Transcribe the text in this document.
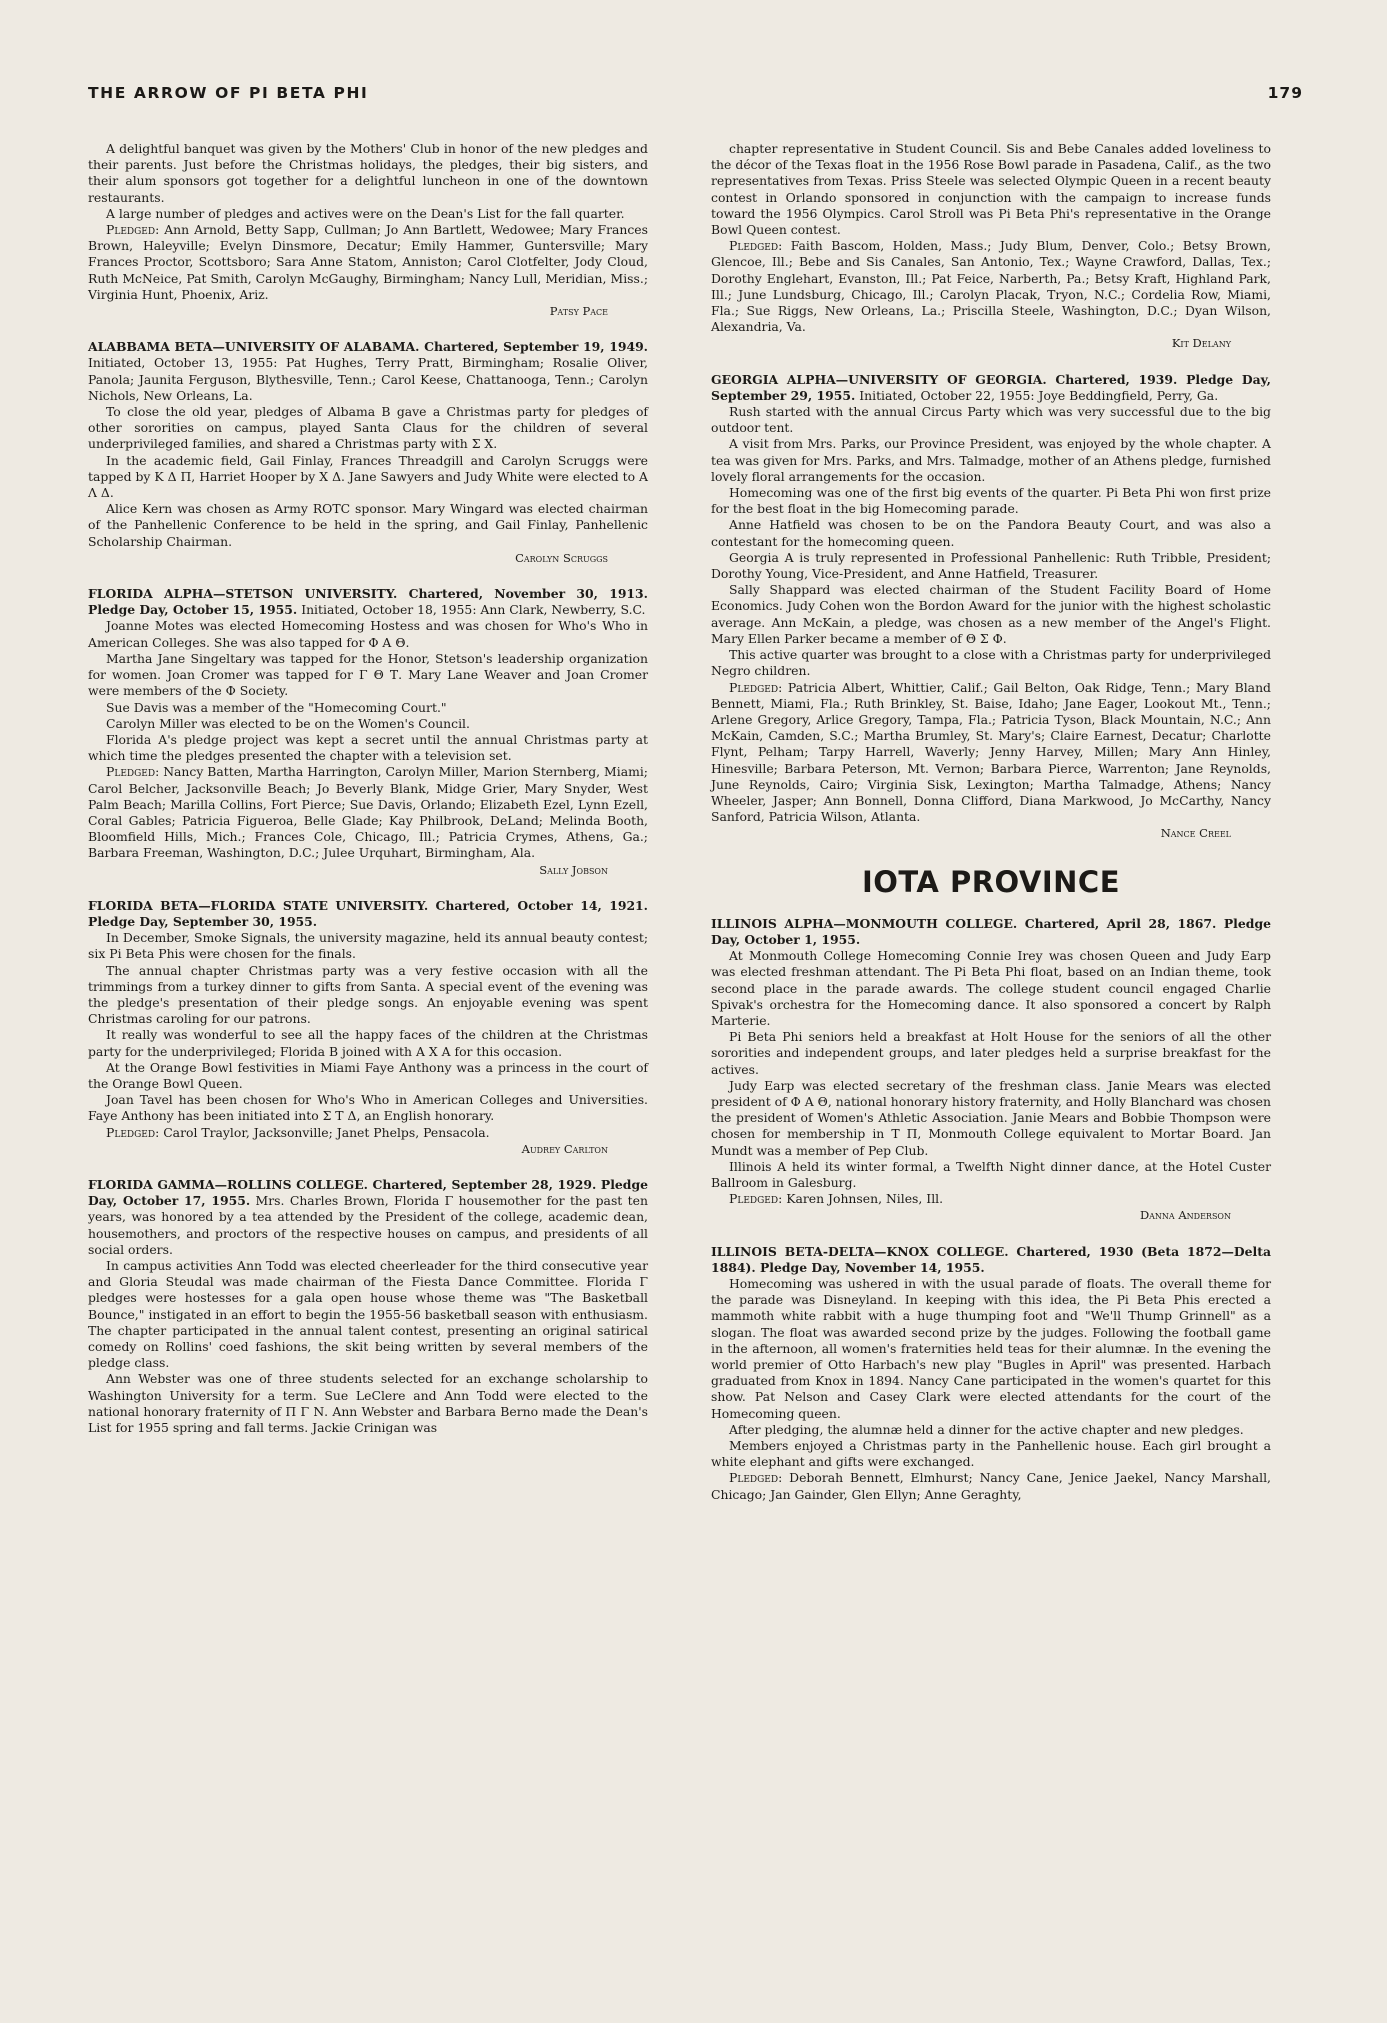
THE ARROW OF PI BETA PHI	179

A delightful banquet was given by the Mothers' Club in honor of the new pledges and their parents. Just before the Christmas holidays, the pledges, their big sisters, and their alum sponsors got together for a delightful luncheon in one of the downtown restaurants.

A large number of pledges and actives were on the Dean's List for the fall quarter.

Pledged: Ann Arnold, Betty Sapp, Cullman; Jo Ann Bartlett, Wedowee; Mary Frances Brown, Haleyville; Evelyn Dinsmore, Decatur; Emily Hammer, Guntersville; Mary Frances Proctor, Scottsboro; Sara Anne Statom, Anniston; Carol Clotfelter, Jody Cloud, Ruth McNeice, Pat Smith, Carolyn McGaughy, Birmingham; Nancy Lull, Meridian, Miss.; Virginia Hunt, Phoenix, Ariz.

Patsy Pace

ALABBAMA BETA—UNIVERSITY OF ALABAMA. Chartered, September 19, 1949. Initiated, October 13, 1955: Pat Hughes, Terry Pratt, Birmingham; Rosalie Oliver, Panola; Jaunita Ferguson, Blythesville, Tenn.; Carol Keese, Chattanooga, Tenn.; Carolyn Nichols, New Orleans, La.

To close the old year, pledges of Albama B gave a Christmas party for pledges of other sororities on campus, played Santa Claus for the children of several underprivileged families, and shared a Christmas party with Σ X.

In the academic field, Gail Finlay, Frances Threadgill and Carolyn Scruggs were tapped by K Δ Π, Harriet Hooper by X Δ. Jane Sawyers and Judy White were elected to A Λ Δ.

Alice Kern was chosen as Army ROTC sponsor. Mary Wingard was elected chairman of the Panhellenic Conference to be held in the spring, and Gail Finlay, Panhellenic Scholarship Chairman.

Carolyn Scruggs

FLORIDA ALPHA—STETSON UNIVERSITY. Chartered, November 30, 1913. Pledge Day, October 15, 1955. Initiated, October 18, 1955: Ann Clark, Newberry, S.C.

Joanne Motes was elected Homecoming Hostess and was chosen for Who's Who in American Colleges. She was also tapped for Φ Α Θ.

Martha Jane Singeltary was tapped for the Honor, Stetson's leadership organization for women. Joan Cromer was tapped for Γ Θ Τ. Mary Lane Weaver and Joan Cromer were members of the Φ Society.

Sue Davis was a member of the "Homecoming Court."

Carolyn Miller was elected to be on the Women's Council.

Florida A's pledge project was kept a secret until the annual Christmas party at which time the pledges presented the chapter with a television set.

Pledged: Nancy Batten, Martha Harrington, Carolyn Miller, Marion Sternberg, Miami; Carol Belcher, Jacksonville Beach; Jo Beverly Blank, Midge Grier, Mary Snyder, West Palm Beach; Marilla Collins, Fort Pierce; Sue Davis, Orlando; Elizabeth Ezel, Lynn Ezell, Coral Gables; Patricia Figueroa, Belle Glade; Kay Philbrook, DeLand; Melinda Booth, Bloomfield Hills, Mich.; Frances Cole, Chicago, Ill.; Patricia Crymes, Athens, Ga.; Barbara Freeman, Washington, D.C.; Julee Urquhart, Birmingham, Ala.

Sally Jobson

FLORIDA BETA—FLORIDA STATE UNIVERSITY. Chartered, October 14, 1921. Pledge Day, September 30, 1955.

In December, Smoke Signals, the university magazine, held its annual beauty contest; six Pi Beta Phis were chosen for the finals.

The annual chapter Christmas party was a very festive occasion with all the trimmings from a turkey dinner to gifts from Santa. A special event of the evening was the pledge's presentation of their pledge songs. An enjoyable evening was spent Christmas caroling for our patrons.

It really was wonderful to see all the happy faces of the children at the Christmas party for the underprivileged; Florida B joined with A X A for this occasion.

At the Orange Bowl festivities in Miami Faye Anthony was a princess in the court of the Orange Bowl Queen.

Joan Tavel has been chosen for Who's Who in American Colleges and Universities. Faye Anthony has been initiated into Σ Τ Δ, an English honorary.

Pledged: Carol Traylor, Jacksonville; Janet Phelps, Pensacola.

Audrey Carlton

FLORIDA GAMMA—ROLLINS COLLEGE. Chartered, September 28, 1929. Pledge Day, October 17, 1955. Mrs. Charles Brown, Florida Γ housemother for the past ten years, was honored by a tea attended by the President of the college, academic dean, housemothers, and proctors of the respective houses on campus, and presidents of all social orders.

In campus activities Ann Todd was elected cheerleader for the third consecutive year and Gloria Steudal was made chairman of the Fiesta Dance Committee. Florida Γ pledges were hostesses for a gala open house whose theme was "The Basketball Bounce," instigated in an effort to begin the 1955-56 basketball season with enthusiasm. The chapter participated in the annual talent contest, presenting an original satirical comedy on Rollins' coed fashions, the skit being written by several members of the pledge class.

Ann Webster was one of three students selected for an exchange scholarship to Washington University for a term. Sue LeClere and Ann Todd were elected to the national honorary fraternity of Π Γ Ν. Ann Webster and Barbara Berno made the Dean's List for 1955 spring and fall terms. Jackie Crinigan was

chapter representative in Student Council. Sis and Bebe Canales added loveliness to the décor of the Texas float in the 1956 Rose Bowl parade in Pasadena, Calif., as the two representatives from Texas. Priss Steele was selected Olympic Queen in a recent beauty contest in Orlando sponsored in conjunction with the campaign to increase funds toward the 1956 Olympics. Carol Stroll was Pi Beta Phi's representative in the Orange Bowl Queen contest.

Pledged: Faith Bascom, Holden, Mass.; Judy Blum, Denver, Colo.; Betsy Brown, Glencoe, Ill.; Bebe and Sis Canales, San Antonio, Tex.; Wayne Crawford, Dallas, Tex.; Dorothy Englehart, Evanston, Ill.; Pat Feice, Narberth, Pa.; Betsy Kraft, Highland Park, Ill.; June Lundsburg, Chicago, Ill.; Carolyn Placak, Tryon, N.C.; Cordelia Row, Miami, Fla.; Sue Riggs, New Orleans, La.; Priscilla Steele, Washington, D.C.; Dyan Wilson, Alexandria, Va.

Kit Delany

GEORGIA ALPHA—UNIVERSITY OF GEORGIA. Chartered, 1939. Pledge Day, September 29, 1955. Initiated, October 22, 1955: Joye Beddingfield, Perry, Ga.

Rush started with the annual Circus Party which was very successful due to the big outdoor tent.

A visit from Mrs. Parks, our Province President, was enjoyed by the whole chapter. A tea was given for Mrs. Parks, and Mrs. Talmadge, mother of an Athens pledge, furnished lovely floral arrangements for the occasion.

Homecoming was one of the first big events of the quarter. Pi Beta Phi won first prize for the best float in the big Homecoming parade.

Anne Hatfield was chosen to be on the Pandora Beauty Court, and was also a contestant for the homecoming queen.

Georgia A is truly represented in Professional Panhellenic: Ruth Tribble, President; Dorothy Young, Vice-President, and Anne Hatfield, Treasurer.

Sally Shappard was elected chairman of the Student Facility Board of Home Economics. Judy Cohen won the Bordon Award for the junior with the highest scholastic average. Ann McKain, a pledge, was chosen as a new member of the Angel's Flight. Mary Ellen Parker became a member of Θ Σ Φ.

This active quarter was brought to a close with a Christmas party for underprivileged Negro children.

Pledged: Patricia Albert, Whittier, Calif.; Gail Belton, Oak Ridge, Tenn.; Mary Bland Bennett, Miami, Fla.; Ruth Brinkley, St. Baise, Idaho; Jane Eager, Lookout Mt., Tenn.; Arlene Gregory, Arlice Gregory, Tampa, Fla.; Patricia Tyson, Black Mountain, N.C.; Ann McKain, Camden, S.C.; Martha Brumley, St. Mary's; Claire Earnest, Decatur; Charlotte Flynt, Pelham; Tarpy Harrell, Waverly; Jenny Harvey, Millen; Mary Ann Hinley, Hinesville; Barbara Peterson, Mt. Vernon; Barbara Pierce, Warrenton; Jane Reynolds, June Reynolds, Cairo; Virginia Sisk, Lexington; Martha Talmadge, Athens; Nancy Wheeler, Jasper; Ann Bonnell, Donna Clifford, Diana Markwood, Jo McCarthy, Nancy Sanford, Patricia Wilson, Atlanta.

Nance Creel

IOTA PROVINCE

ILLINOIS ALPHA—MONMOUTH COLLEGE. Chartered, April 28, 1867. Pledge Day, October 1, 1955.

At Monmouth College Homecoming Connie Irey was chosen Queen and Judy Earp was elected freshman attendant. The Pi Beta Phi float, based on an Indian theme, took second place in the parade awards. The college student council engaged Charlie Spivak's orchestra for the Homecoming dance. It also sponsored a concert by Ralph Marterie.

Pi Beta Phi seniors held a breakfast at Holt House for the seniors of all the other sororities and independent groups, and later pledges held a surprise breakfast for the actives.

Judy Earp was elected secretary of the freshman class. Janie Mears was elected president of Φ Α Θ, national honorary history fraternity, and Holly Blanchard was chosen the president of Women's Athletic Association. Janie Mears and Bobbie Thompson were chosen for membership in Τ Π, Monmouth College equivalent to Mortar Board. Jan Mundt was a member of Pep Club.

Illinois A held its winter formal, a Twelfth Night dinner dance, at the Hotel Custer Ballroom in Galesburg.

Pledged: Karen Johnsen, Niles, Ill.

Danna Anderson

ILLINOIS BETA-DELTA—KNOX COLLEGE. Chartered, 1930 (Beta 1872—Delta 1884). Pledge Day, November 14, 1955.

Homecoming was ushered in with the usual parade of floats. The overall theme for the parade was Disneyland. In keeping with this idea, the Pi Beta Phis erected a mammoth white rabbit with a huge thumping foot and "We'll Thump Grinnell" as a slogan. The float was awarded second prize by the judges. Following the football game in the afternoon, all women's fraternities held teas for their alumnæ. In the evening the world premier of Otto Harbach's new play "Bugles in April" was presented. Harbach graduated from Knox in 1894. Nancy Cane participated in the women's quartet for this show. Pat Nelson and Casey Clark were elected attendants for the court of the Homecoming queen.

After pledging, the alumnæ held a dinner for the active chapter and new pledges.

Members enjoyed a Christmas party in the Panhellenic house. Each girl brought a white elephant and gifts were exchanged.

Pledged: Deborah Bennett, Elmhurst; Nancy Cane, Jenice Jaekel, Nancy Marshall, Chicago; Jan Gainder, Glen Ellyn; Anne Geraghty,
